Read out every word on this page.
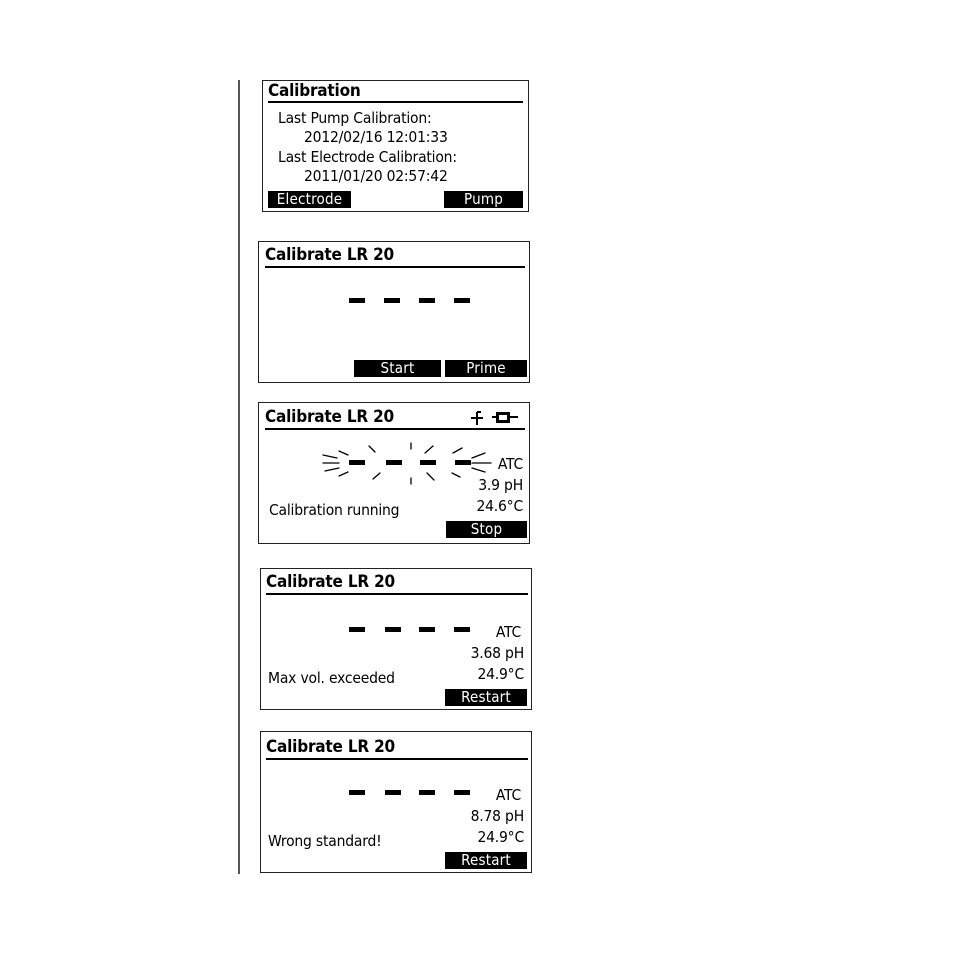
Calibration
Last Pump Calibration:
2012/02/16 12:01:33
Last Electrode Calibration:
2011/01/20 02:57:42
Electrode	Pump
Calibrate LR 20
Start	Prime
Calibrate LR 20
ATC
3.9 pH
24.6°C
Calibration running
Stop
Calibrate LR 20
ATC
3.68 pH
24.9°C
Max vol. exceeded
Restart
Calibrate LR 20
ATC
8.78 pH
24.9°C
Wrong standard!
Restart
